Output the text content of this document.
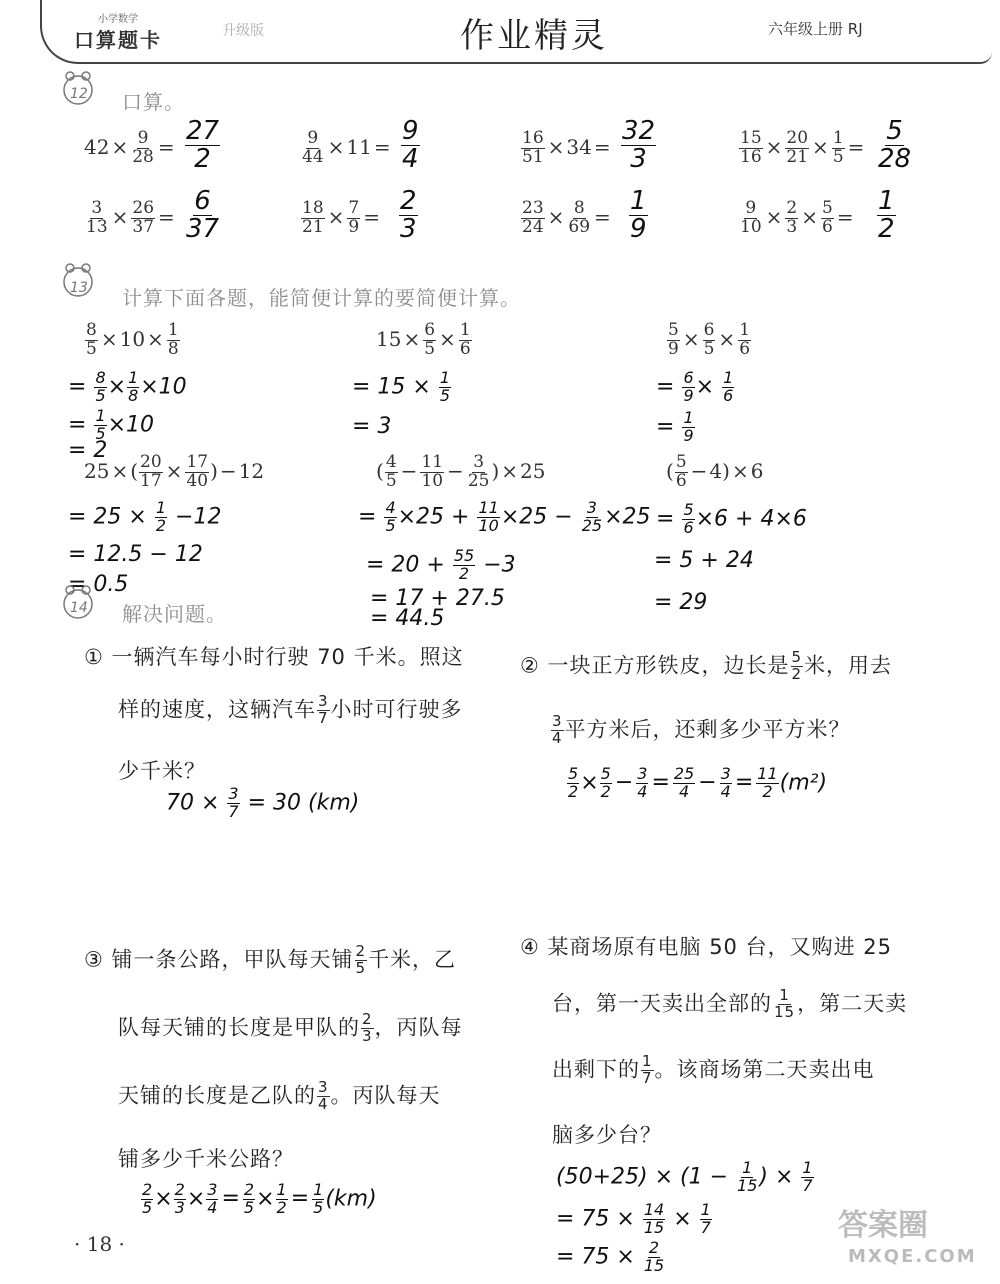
小学数学
口算题卡	升级版	作业精灵	六年级上册 RJ
12 口算。
$42 \times \frac{9}{28} = \frac{27}{2}$	$\frac{9}{44} \times 11 = \frac{9}{4}$	$\frac{16}{51} \times 34 = \frac{32}{3}$	$\frac{15}{16} \times \frac{20}{21} \times \frac{1}{5} = \frac{5}{28}$
$\frac{3}{13} \times \frac{26}{37} = \frac{6}{37}$	$\frac{18}{21} \times \frac{7}{9} = \frac{2}{3}$	$\frac{23}{24} \times \frac{8}{69} = \frac{1}{9}$	$\frac{9}{10} \times \frac{2}{3} \times \frac{5}{6} = \frac{1}{2}$
13 计算下面各题，能简便计算的要简便计算。
$\frac{8}{5} \times 10 \times \frac{1}{8}$
= $\frac{8}{5} \times \frac{1}{8} \times 10$
= $\frac{1}{5} \times 10$
= 2
$15 \times \frac{6}{5} \times \frac{1}{6}$
= $15 \times \frac{1}{5}$
= 3
$\frac{5}{9} \times \frac{6}{5} \times \frac{1}{6}$
= $\frac{6}{9} \times \frac{1}{6}$
= $\frac{1}{9}$
25 × ( $\frac{20}{17} \times \frac{17}{40}$ ) − 12
= $25 \times \frac{1}{2} -12$
= 12.5 − 12
= 0.5
( $\frac{4}{5} - \frac{11}{10} - \frac{3}{25}$ ) × 25
= $\frac{4}{5} \times 25 + \frac{11}{10} \times 25 - \frac{3}{25} \times 25$
= $20 + \frac{55}{2} -3$
= 17 + 27.5
= 44.5
( $\frac{5}{6} - 4) \times 6$
= $\frac{5}{6} \times 6 + 4\times 6$
= 5 + 24
= 29
14 解决问题。
① 一辆汽车每小时行驶 70 千米。照这
样的速度，这辆汽车 $\frac{3}{7}$ 小时可行驶多
少千米？
$70 \times \frac{3}{7} = 30$ (km)
② 一块正方形铁皮，边长是 $\frac{5}{2}$ 米，用去
$\frac{3}{4}$ 平方米后，还剩多少平方米？
$\frac{5}{2} \times \frac{5}{2} - \frac{3}{4} = \frac{25}{4} - \frac{3}{4} = \frac{11}{2} (m^2)$
③ 铺一条公路，甲队每天铺 $\frac{2}{5}$ 千米，乙
队每天铺的长度是甲队的 $\frac{2}{3}$ ，丙队每
天铺的长度是乙队的 $\frac{3}{4}$ 。丙队每天
铺多少千米公路？
$\frac{2}{5} \times \frac{2}{3} \times \frac{3}{4} = \frac{2}{5} \times \frac{1}{2} = \frac{1}{5} (km)$
④ 某商场原有电脑 50 台，又购进 25
台，第一天卖出全部的 $\frac{1}{15}$ ，第二天卖
出剩下的 $\frac{1}{7}$ 。该商场第二天卖出电
脑多少台？
$(50+25) \times (1 - \frac{1}{15}$ ) × $\frac{1}{7}$
= $75 \times \frac{14}{15} \times \frac{1}{7}$
= $75 \times \frac{2}{15}$
· 18 ·
答案圈
MXQE.COM
